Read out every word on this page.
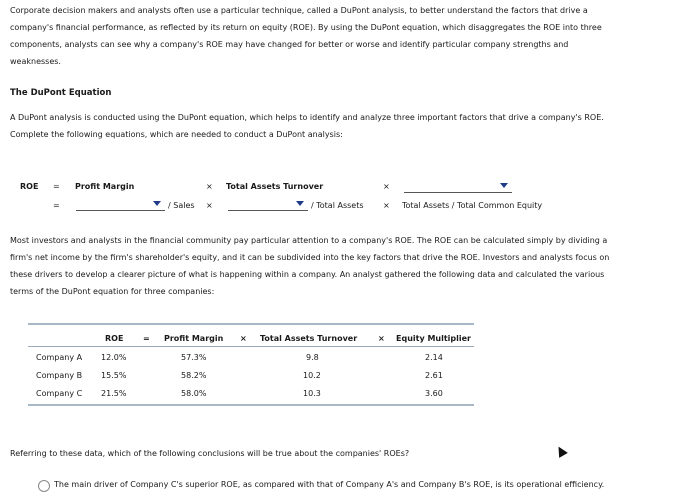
Corporate decision makers and analysts often use a particular technique, called a DuPont analysis, to better understand the factors that drive a
company's financial performance, as reflected by its return on equity (ROE). By using the DuPont equation, which disaggregates the ROE into three
components, analysts can see why a company's ROE may have changed for better or worse and identify particular company strengths and
weaknesses.
The DuPont Equation
A DuPont analysis is conducted using the DuPont equation, which helps to identify and analyze three important factors that drive a company's ROE.
Complete the following equations, which are needed to conduct a DuPont analysis:
ROE = Profit Margin	× Total Assets Turnover	×
=	/ Sales ×	/ Total Assets × Total Assets / Total Common Equity
Most investors and analysts in the financial community pay particular attention to a company's ROE. The ROE can be calculated simply by dividing a
firm's net income by the firm's shareholder's equity, and it can be subdivided into the key factors that drive the ROE. Investors and analysts focus on
these drivers to develop a clearer picture of what is happening within a company. An analyst gathered the following data and calculated the various
terms of the DuPont equation for three companies:
ROE = Profit Margin × Total Assets Turnover	× Equity Multiplier
Company A 12.0%	57.3%	9.8	2.14
Company B 15.5%	58.2%	10.2	2.61
Company C 21.5%	58.0%	10.3	3.60
Referring to these data, which of the following conclusions will be true about the companies' ROEs?
The main driver of Company C's superior ROE, as compared with that of Company A's and Company B's ROE, is its operational efficiency.
